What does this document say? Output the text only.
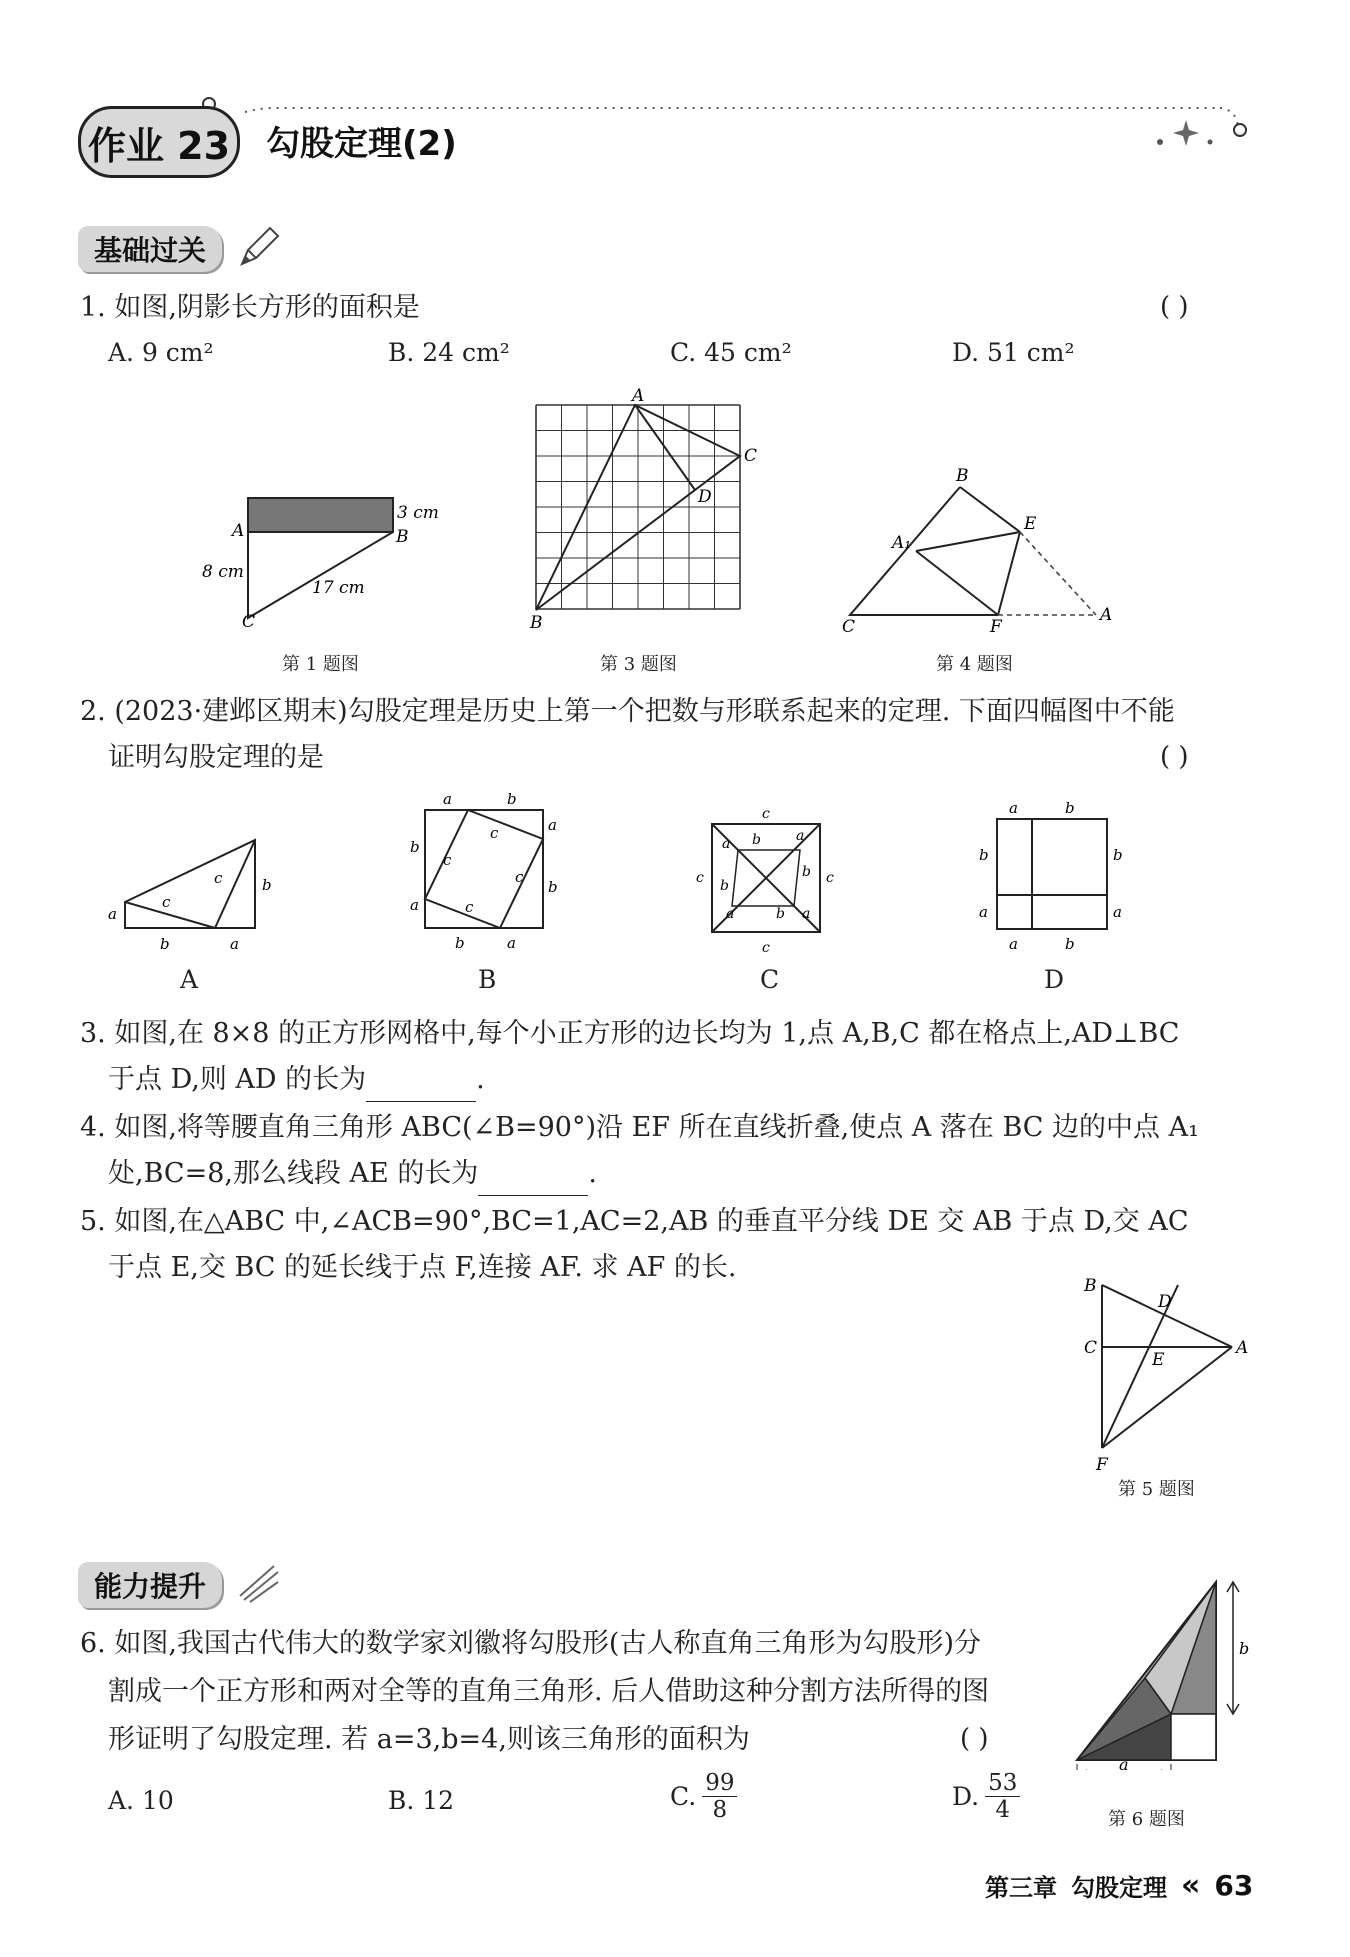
作业 23 勾股定理(2)
基础过关
1. 如图,阴影长方形的面积是	( )
A. 9 cm²	B. 24 cm²	C. 45 cm²	D. 51 cm²
3 cm
A	B
8 cm
17 cm
C
第 1 题图
A
C
D
B
第 3 题图
B
A₁
E
C	F
A
第 4 题图
2. (2023·建邺区期末)勾股定理是历史上第一个把数与形联系起来的定理. 下面四幅图中不能
证明勾股定理的是	( )
a
b	a
b
c
c
A
a	b
a
b
a
b
a
b
c
c
c
c
B
c
c
c	c
a b	a
b
b
a	b a
C
a	b
b	b
a	a
a	b
D
3. 如图,在 8×8 的正方形网格中,每个小正方形的边长均为 1,点 A,B,C 都在格点上,AD⊥BC
于点 D,则 AD 的长为	.
4. 如图,将等腰直角三角形 ABC(∠B=90°)沿 EF 所在直线折叠,使点 A 落在 BC 边的中点 A₁
处,BC=8,那么线段 AE 的长为	.
5. 如图,在△ABC 中,∠ACB=90°,BC=1,AC=2,AB 的垂直平分线 DE 交 AB 于点 D,交 AC
于点 E,交 BC 的延长线于点 F,连接 AF. 求 AF 的长.
B
D
C
E
A
F
第 5 题图
能力提升
6. 如图,我国古代伟大的数学家刘徽将勾股形(古人称直角三角形为勾股形)分
割成一个正方形和两对全等的直角三角形. 后人借助这种分割方法所得的图
形证明了勾股定理. 若 a=3,b=4,则该三角形的面积为	( )
A. 10	B. 12	C. $\frac{99}{8}$	D. $\frac{53}{4}$
b
a
第 6 题图
第三章 勾股定理 « 63
